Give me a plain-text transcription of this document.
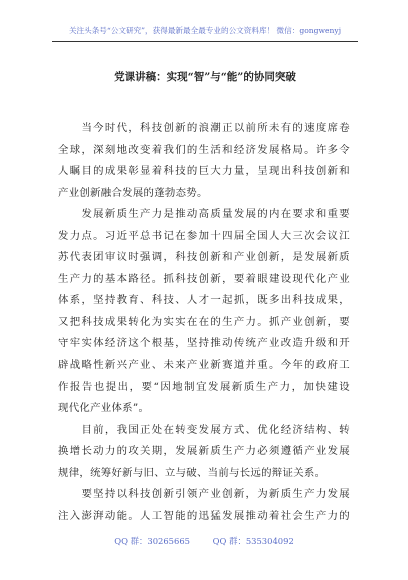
关注头条号“公文研究”，获得最新最全最专业的公文资料库！ 微信：gongwenyj
党课讲稿：实现“智”与“能”的协同突破
　　当今时代，科技创新的浪潮正以前所未有的速度席卷
全球，深刻地改变着我们的生活和经济发展格局。许多令
人瞩目的成果彰显着科技的巨大力量，呈现出科技创新和
产业创新融合发展的蓬勃态势。
　　发展新质生产力是推动高质量发展的内在要求和重要
发力点。习近平总书记在参加十四届全国人大三次会议江
苏代表团审议时强调，科技创新和产业创新，是发展新质
生产力的基本路径。抓科技创新，要着眼建设现代化产业
体系，坚持教育、科技、人才一起抓，既多出科技成果，
又把科技成果转化为实实在在的生产力。抓产业创新，要
守牢实体经济这个根基，坚持推动传统产业改造升级和开
辟战略性新兴产业、未来产业新赛道并重。今年的政府工
作报告也提出，要“因地制宜发展新质生产力，加快建设
现代化产业体系”。
　　目前，我国正处在转变发展方式、优化经济结构、转
换增长动力的攻关期，发展新质生产力必须遵循产业发展
规律，统筹好新与旧、立与破、当前与长远的辩证关系。
　　要坚持以科技创新引领产业创新，为新质生产力发展
注入澎湃动能。人工智能的迅猛发展推动着社会生产力的
QQ 群：30265665	QQ 群：535304092
